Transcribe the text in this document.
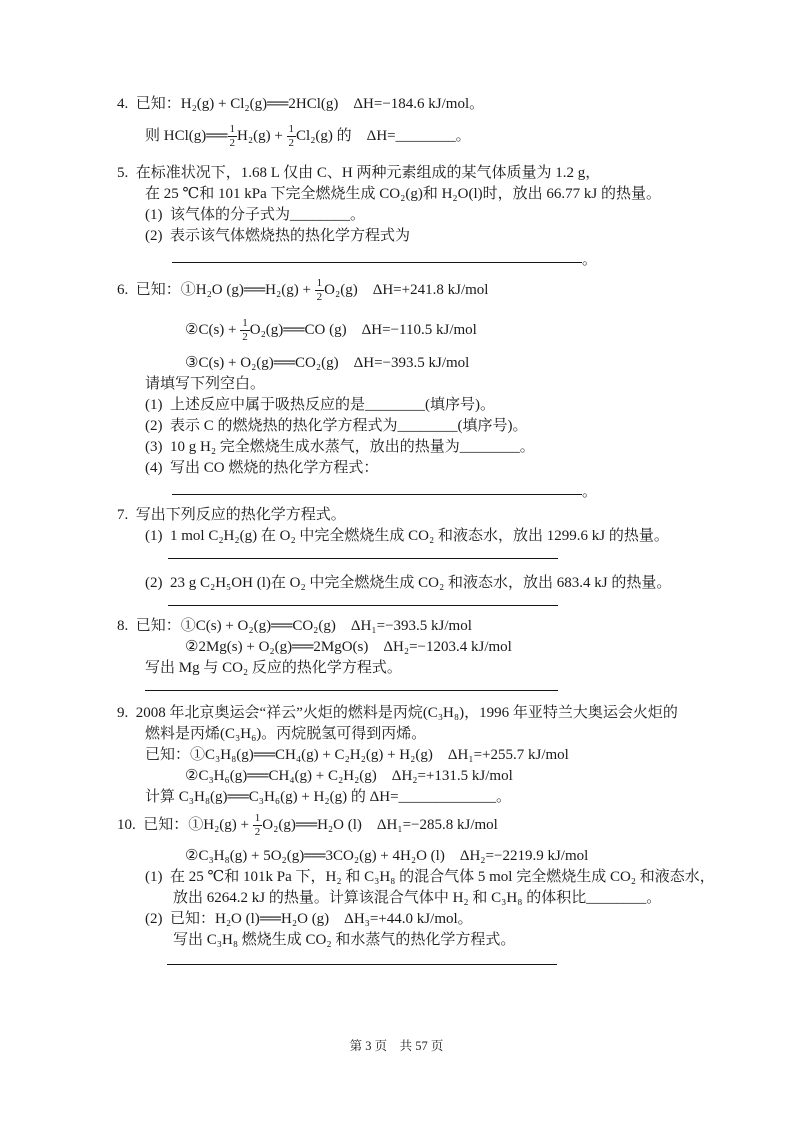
4.  已知：H₂(g) + Cl₂(g)══2HCl(g)    ΔH=−184.6 kJ/mol。
则 HCl(g)══ $\frac{1}{2} H_2(g) + \frac{1}{2} Cl_2(g)$ 的    ΔH=________。
5.  在标准状况下，1.68 L 仅由 C、H 两种元素组成的某气体质量为 1.2 g，
在 25 ℃和 101 kPa 下完全燃烧生成 CO₂(g)和 H₂O(l)时，放出 66.77 kJ 的热量。
(1)  该气体的分子式为________。
(2)  表示该气体燃烧热的热化学方程式为
。
6.  已知：①H₂O (g)══H₂(g) + $\frac{1}{2} O_2(g)$    ΔH=+241.8 kJ/mol
②C(s) + $\frac{1}{2}$ O₂(g)══CO (g)    ΔH=−110.5 kJ/mol
③C(s) + O₂(g)══CO₂(g)    ΔH=−393.5 kJ/mol
请填写下列空白。
(1)  上述反应中属于吸热反应的是________(填序号)。
(2)  表示 C 的燃烧热的热化学方程式为________(填序号)。
(3)  10 g H₂ 完全燃烧生成水蒸气，放出的热量为________。
(4)  写出 CO 燃烧的热化学方程式：
。
7.  写出下列反应的热化学方程式。
(1)  1 mol C₂H₂(g) 在 O₂ 中完全燃烧生成 CO₂ 和液态水，放出 1299.6 kJ 的热量。
(2)  23 g C₂H₅OH (l)在 O₂ 中完全燃烧生成 CO₂ 和液态水，放出 683.4 kJ 的热量。
8.  已知：①C(s) + O₂(g)══CO₂(g)    ΔH₁=−393.5 kJ/mol
②2Mg(s) + O₂(g)══2MgO(s)    ΔH₂=−1203.4 kJ/mol
写出 Mg 与 CO₂ 反应的热化学方程式。
9.  2008 年北京奥运会“祥云”火炬的燃料是丙烷(C₃H₈)，1996 年亚特兰大奥运会火炬的
燃料是丙烯(C₃H₆)。丙烷脱氢可得到丙烯。
已知：①C₃H₈(g)══CH₄(g) + C₂H₂(g) + H₂(g)    ΔH₁=+255.7 kJ/mol
②C₃H₆(g)══CH₄(g) + C₂H₂(g)    ΔH₂=+131.5 kJ/mol
计算 C₃H₈(g)══C₃H₆(g) + H₂(g) 的 ΔH=_____________。
10.  已知：①H₂(g) + $\frac{1}{2}$ O₂(g)══H₂O (l)    ΔH₁=−285.8 kJ/mol
②C₃H₈(g) + 5O₂(g)══3CO₂(g) + 4H₂O (l)    ΔH₂=−2219.9 kJ/mol
(1)  在 25 ℃和 101k Pa 下，H₂ 和 C₃H₈ 的混合气体 5 mol 完全燃烧生成 CO₂ 和液态水，
放出 6264.2 kJ 的热量。计算该混合气体中 H₂ 和 C₃H₈ 的体积比________。
(2)  已知：H₂O (l)══H₂O (g)    ΔH₃=+44.0 kJ/mol。
写出 C₃H₈ 燃烧生成 CO₂ 和水蒸气的热化学方程式。
第 3 页    共 57 页
